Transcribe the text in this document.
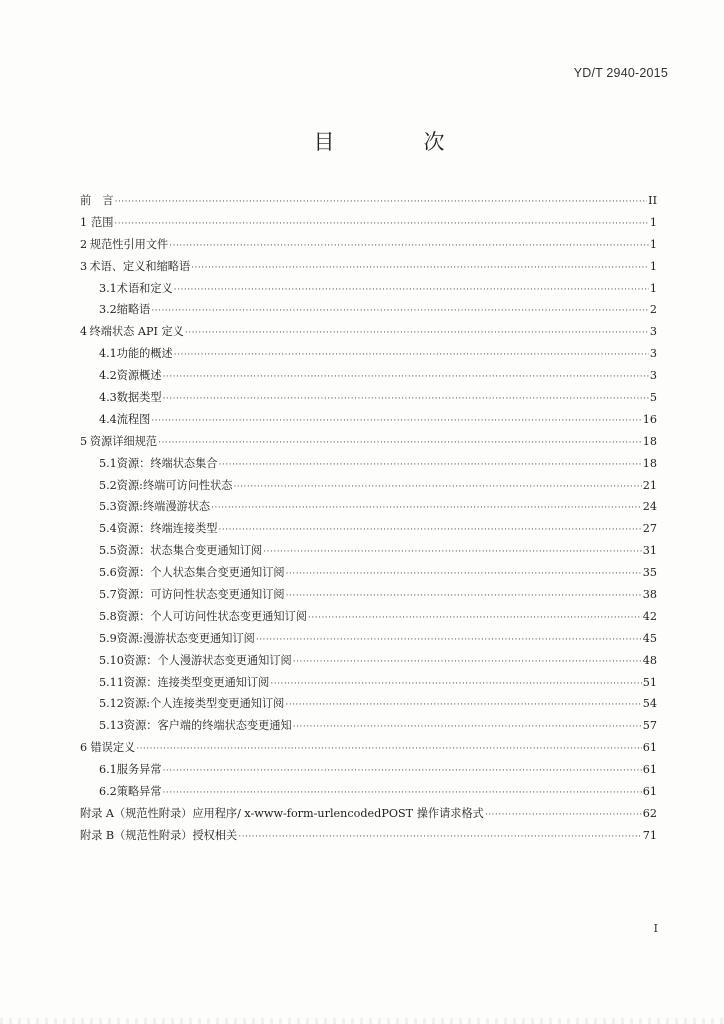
YD/T 2940-2015
目　次
前　言 ·····	II
1 范围 ·····	1
2 规范性引用文件 ·····	1
3 术语、定义和缩略语 ·····	1
3.1 术语和定义 ·····	1
3.2 缩略语 ·····	2
4 终端状态 API 定义 ·····	3
4.1 功能的概述 ·····	3
4.2 资源概述 ·····	3
4.3 数据类型 ·····	5
4.4 流程图 ·····	16
5 资源详细规范 ·····	18
5.1 资源：终端状态集合 ·····	18
5.2 资源:终端可访问性状态 ·····	21
5.3 资源:终端漫游状态 ·····	24
5.4 资源：终端连接类型 ·····	27
5.5 资源：状态集合变更通知订阅 ·····	31
5.6 资源：个人状态集合变更通知订阅 ·····	35
5.7 资源：可访问性状态变更通知订阅 ·····	38
5.8 资源：个人可访问性状态变更通知订阅 ·····	42
5.9 资源:漫游状态变更通知订阅 ·····	45
5.10 资源：个人漫游状态变更通知订阅 ·····	48
5.11 资源：连接类型变更通知订阅 ·····	51
5.12 资源:个人连接类型变更通知订阅 ·····	54
5.13 资源：客户端的终端状态变更通知 ·····	57
6 错误定义 ·····	61
6.1 服务异常 ·····	61
6.2 策略异常 ·····	61
附录 A （规范性附录）应用程序/ x-www-form-urlencodedPOST 操作请求格式 ·····	62
附录 B （规范性附录）授权相关 ·····	71
I
